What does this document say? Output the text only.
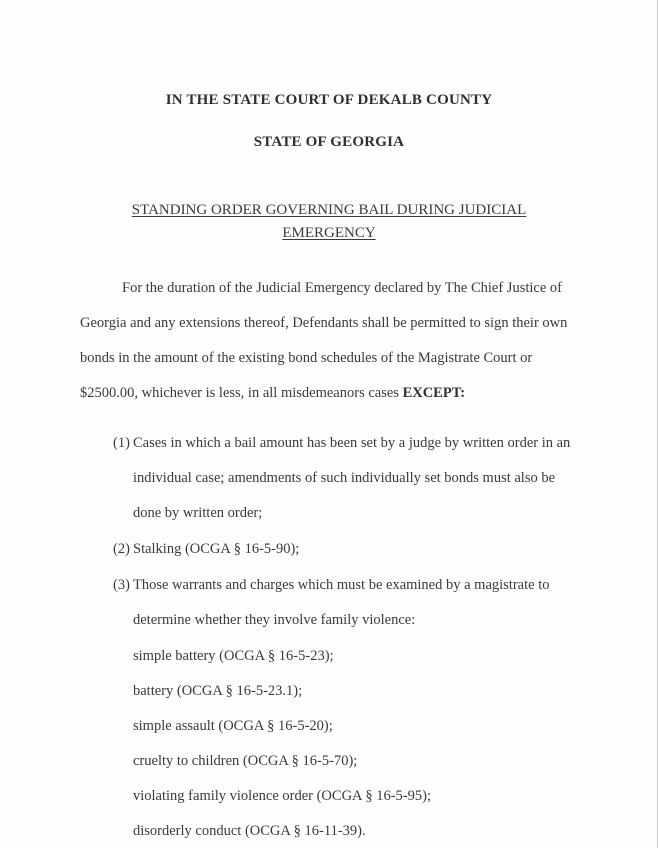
IN THE STATE COURT OF DEKALB COUNTY
STATE OF GEORGIA
STANDING ORDER GOVERNING BAIL DURING JUDICIAL
EMERGENCY

For the duration of the Judicial Emergency declared by The Chief Justice of Georgia and any extensions thereof, Defendants shall be permitted to sign their own bonds in the amount of the existing bond schedules of the Magistrate Court or $2500.00, whichever is less, in all misdemeanors cases EXCEPT:

(1) Cases in which a bail amount has been set by a judge by written order in an individual case; amendments of such individually set bonds must also be done by written order;
(2) Stalking (OCGA § 16-5-90);
(3) Those warrants and charges which must be examined by a magistrate to determine whether they involve family violence:
simple battery (OCGA § 16-5-23);
battery (OCGA § 16-5-23.1);
simple assault (OCGA § 16-5-20);
cruelty to children (OCGA § 16-5-70);
violating family violence order (OCGA § 16-5-95);
disorderly conduct (OCGA § 16-11-39).
